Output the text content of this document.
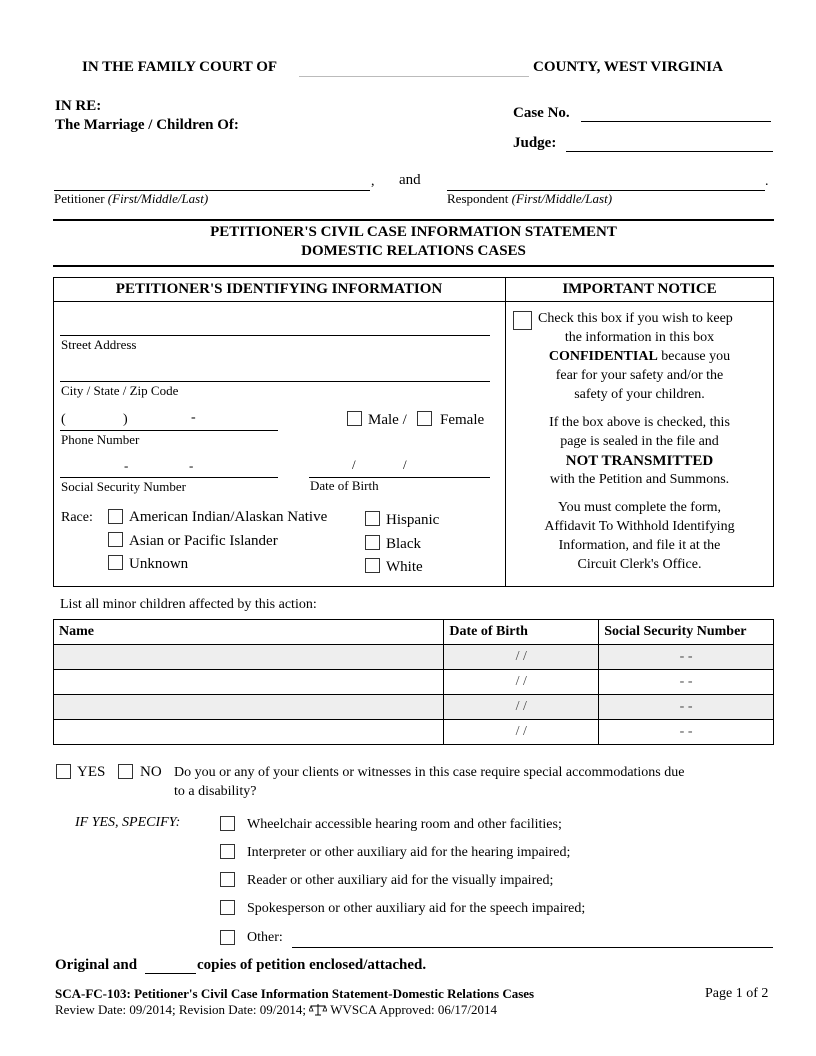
IN THE FAMILY COURT OF	COUNTY, WEST VIRGINIA
IN RE:
The Marriage / Children Of:
Case No.
Judge:
, and	.
Petitioner (First/Middle/Last)	Respondent (First/Middle/Last)
PETITIONER'S CIVIL CASE INFORMATION STATEMENT
DOMESTIC RELATIONS CASES
PETITIONER'S IDENTIFYING INFORMATION	IMPORTANT NOTICE
Street Address
City / State / Zip Code
(	)	-
Phone Number
Male / Female
-	-
Social Security Number
/	/
Date of Birth
Race: American Indian/Alaskan Native
Asian or Pacific Islander
Unknown
Hispanic
Black
White
Check this box if you wish to keep
the information in this box
CONFIDENTIAL because you
fear for your safety and/or the
safety of your children.
If the box above is checked, this
page is sealed in the file and
NOT TRANSMITTED
with the Petition and Summons.
You must complete the form,
Affidavit To Withhold Identifying
Information, and file it at the
Circuit Clerk's Office.
List all minor children affected by this action:
Name	Date of Birth	Social Security Number
	/ /	- -
	/ /	- -
	/ /	- -
	/ /	- -
YES NO Do you or any of your clients or witnesses in this case require special accommodations due
to a disability?
IF YES, SPECIFY:	Wheelchair accessible hearing room and other facilities;
Interpreter or other auxiliary aid for the hearing impaired;
Reader or other auxiliary aid for the visually impaired;
Spokesperson or other auxiliary aid for the speech impaired;
Other:
Original and	copies of petition enclosed/attached.
SCA-FC-103: Petitioner's Civil Case Information Statement-Domestic Relations Cases	Page 1 of 2
Review Date: 09/2014; Revision Date: 09/2014; WVSCA Approved: 06/17/2014
